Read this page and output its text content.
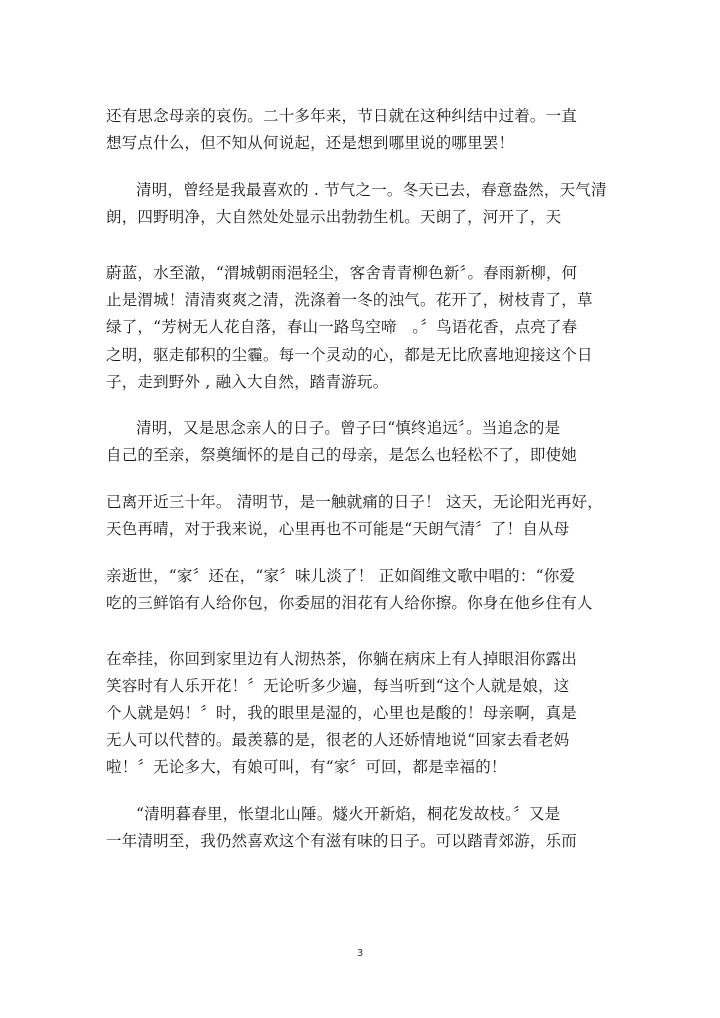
还有思念母亲的哀伤。二十多年来，节日就在这种纠结中过着。一直
想写点什么，但不知从何说起，还是想到哪里说的哪里罢！
清明，曾经是我最喜欢的 . 节气之一。冬天已去，春意盎然，天气清
朗，四野明净，大自然处处显示出勃勃生机。天朗了，河开了，天
蔚蓝，水至澈，“渭城朝雨浥轻尘，客舍青青柳色新〞。春雨新柳，何
止是渭城！清清爽爽之清，洗涤着一冬的浊气。花开了，树枝青了，草
绿了，“芳树无人花自落，春山一路鸟空啼　。〞鸟语花香，点亮了春
之明，驱走郁积的尘霾。每一个灵动的心，都是无比欣喜地迎接这个日
子，走到野外 , 融入大自然，踏青游玩。
清明，又是思念亲人的日子。曾子曰“慎终追远〞。当追念的是
自己的至亲，祭奠缅怀的是自己的母亲，是怎么也轻松不了，即使她
已离开近三十年。 清明节，是一触就痛的日子！ 这天，无论阳光再好，
天色再晴，对于我来说，心里再也不可能是“天朗气清〞了！自从母
亲逝世，“家〞还在，“家〞味儿淡了！ 正如阎维文歌中唱的：“你爱
吃的三鲜馅有人给你包，你委屈的泪花有人给你擦。你身在他乡住有人
在牵挂，你回到家里边有人沏热茶，你躺在病床上有人掉眼泪你露出
笑容时有人乐开花！〞无论听多少遍，每当听到“这个人就是娘，这
个人就是妈！〞时，我的眼里是湿的，心里也是酸的！母亲啊，真是
无人可以代替的。最羡慕的是，很老的人还娇情地说“回家去看老妈
啦！〞无论多大，有娘可叫，有“家〞可回，都是幸福的！
“清明暮春里，怅望北山陲。燧火开新焰，桐花发故枝。〞又是
一年清明至，我仍然喜欢这个有滋有味的日子。可以踏青郊游，乐而
3
